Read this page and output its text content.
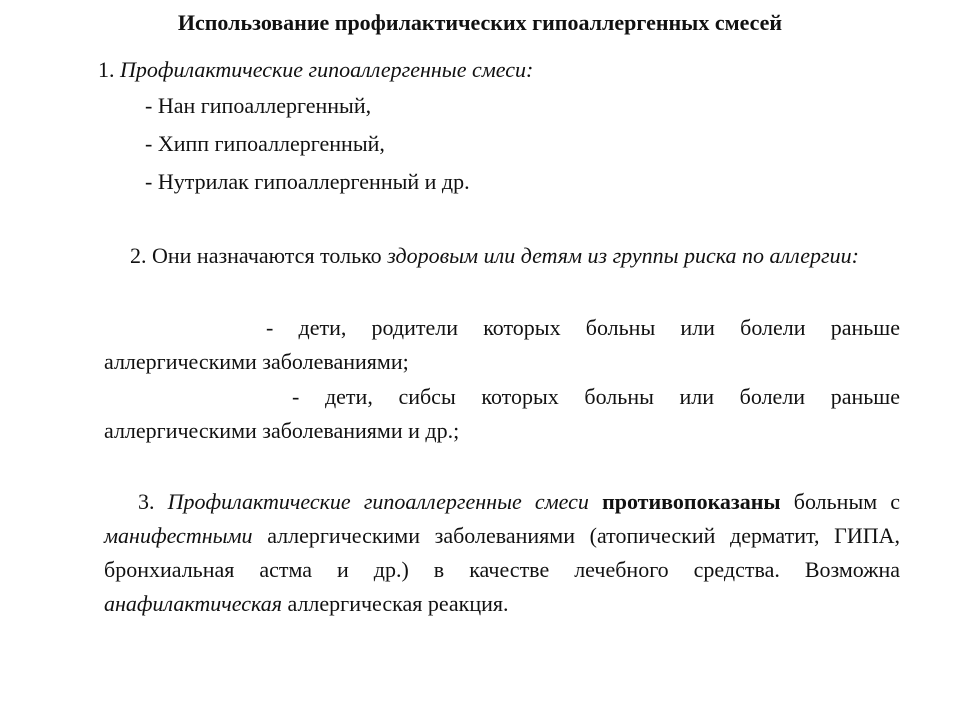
Использование профилактических гипоаллергенных смесей
1. Профилактические гипоаллергенные смеси:
- Нан гипоаллергенный,
- Хипп гипоаллергенный,
- Нутрилак гипоаллергенный и др.
2. Они назначаются только здоровым или детям из группы риска по аллергии:
- дети, родители которых больны или болели раньше аллергическими заболеваниями;
- дети, сибсы которых больны или болели раньше аллергическими заболеваниями и др.;
3. Профилактические гипоаллергенные смеси противопоказаны больным с манифестными аллергическими заболеваниями (атопический дерматит, ГИПА, бронхиальная астма и др.) в качестве лечебного средства. Возможна анафилактическая аллергическая реакция.
